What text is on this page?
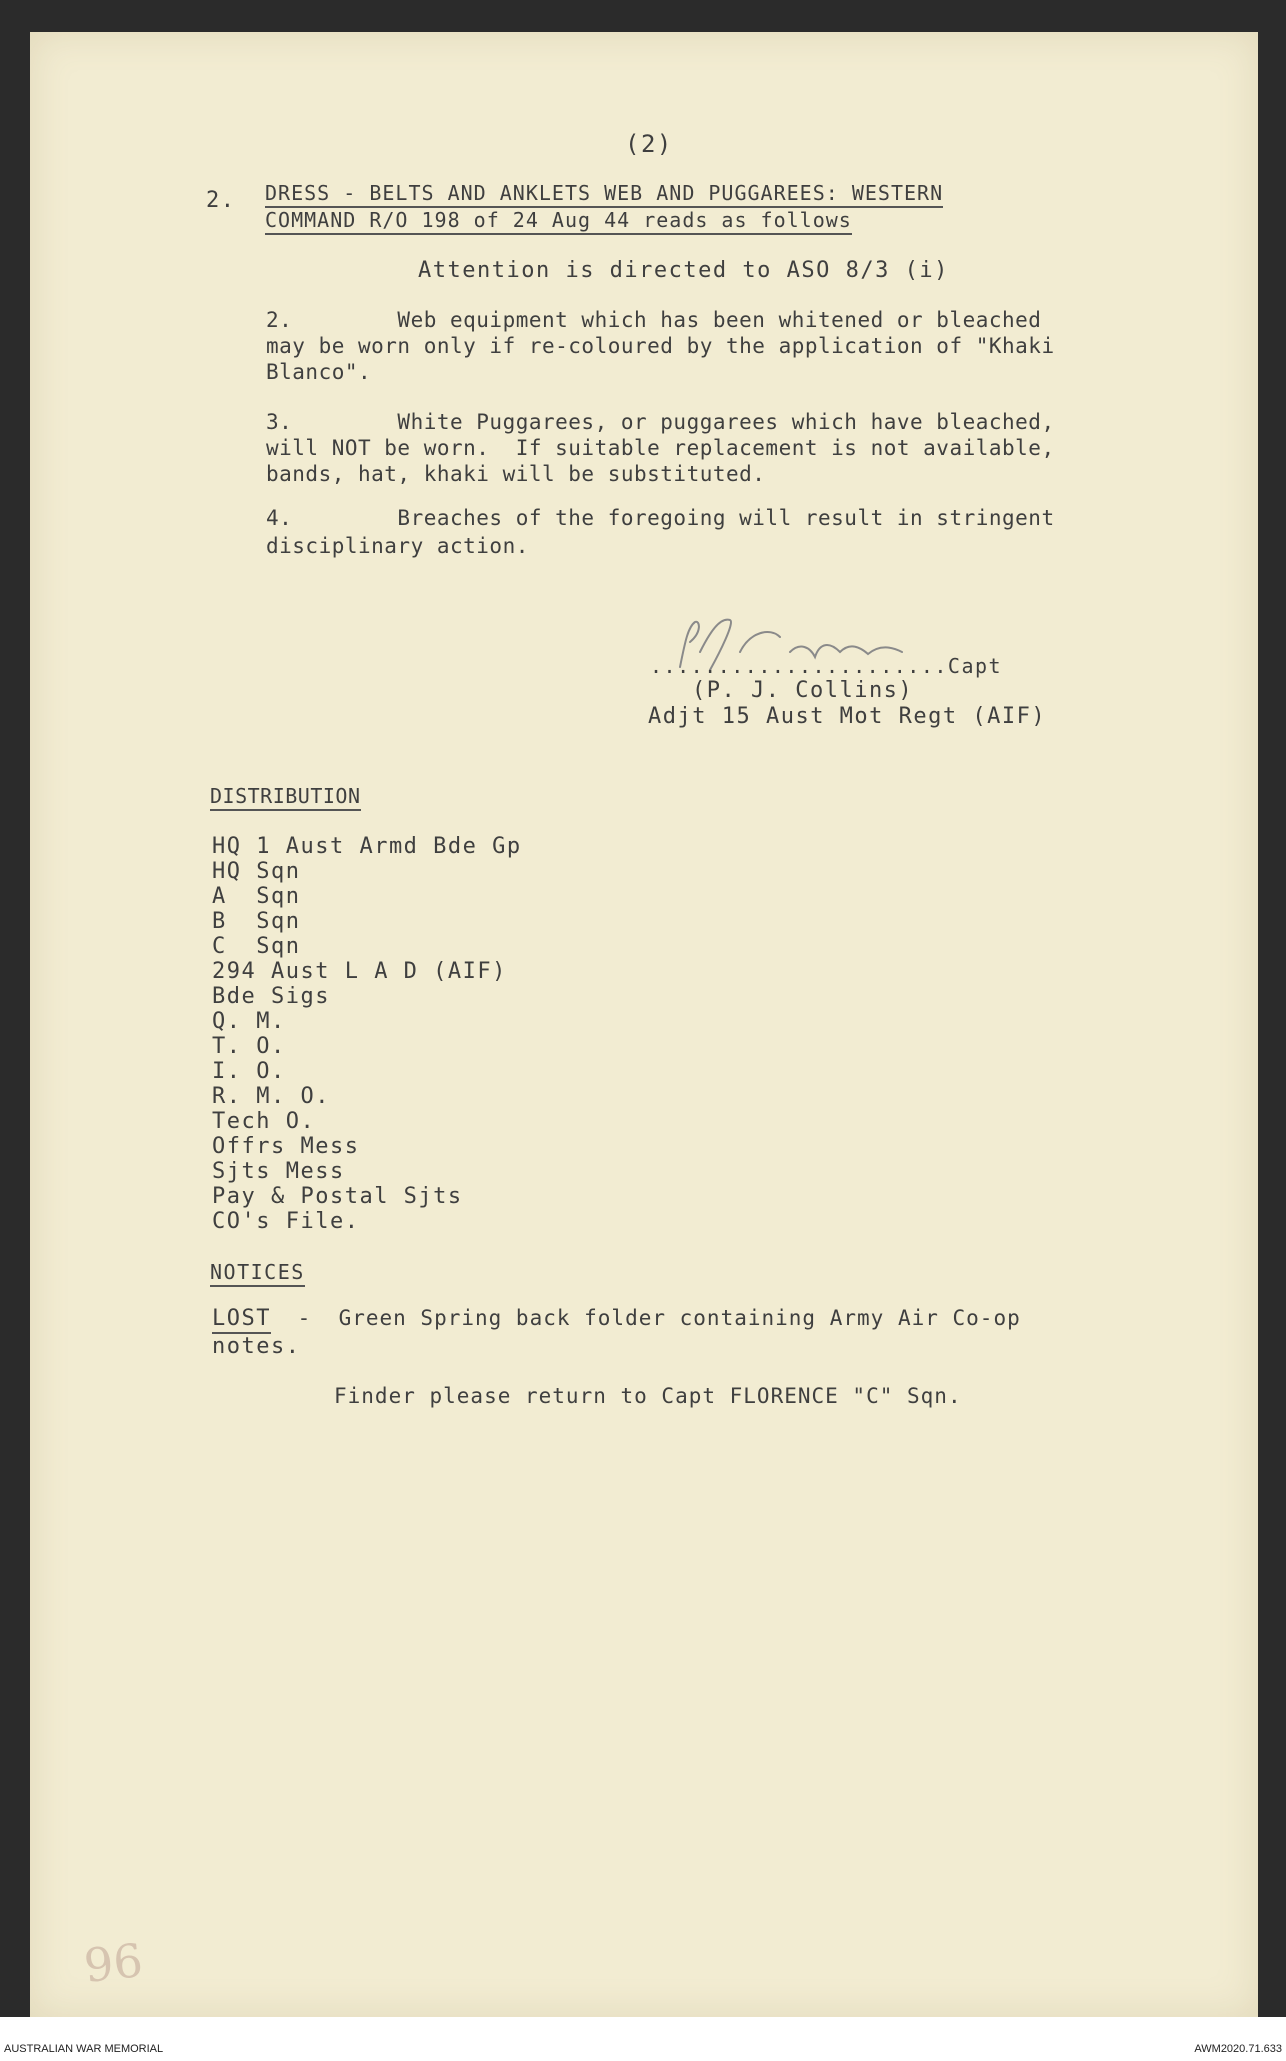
(2)
2. DRESS - BELTS AND ANKLETS WEB AND PUGGAREES: WESTERN
COMMAND R/O 198 of 24 Aug 44 reads as follows
Attention is directed to ASO 8/3 (i)
2.        Web equipment which has been whitened or bleached
may be worn only if re-coloured by the application of "Khaki
Blanco".
3.        White Puggarees, or puggarees which have bleached,
will NOT be worn.  If suitable replacement is not available,
bands, hat, khaki will be substituted.
4.        Breaches of the foregoing will result in stringent
disciplinary action.
......................Capt
(P. J. Collins)
Adjt 15 Aust Mot Regt (AIF)
DISTRIBUTION
HQ 1 Aust Armd Bde Gp
HQ Sqn
A  Sqn
B  Sqn
C  Sqn
294 Aust L A D (AIF)
Bde Sigs
Q. M.
T. O.
I. O.
R. M. O.
Tech O.
Offrs Mess
Sjts Mess
Pay & Postal Sjts
CO's File.
NOTICES
LOST -  Green Spring back folder containing Army Air Co-op
notes.
Finder please return to Capt FLORENCE "C" Sqn.
96
AUSTRALIAN WAR MEMORIAL	AWM2020.71.633
